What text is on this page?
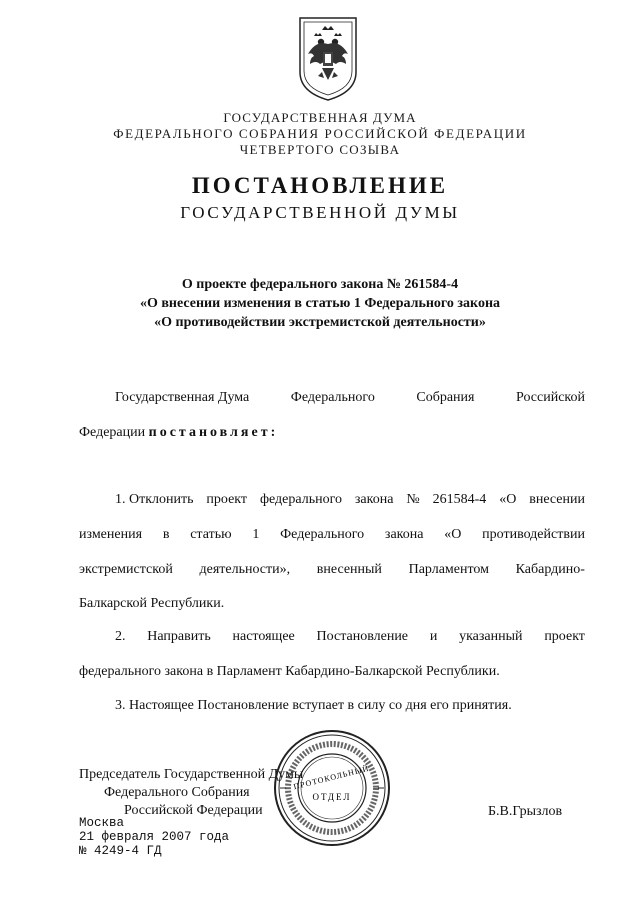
ГОСУДАРСТВЕННАЯ ДУМА
ФЕДЕРАЛЬНОГО СОБРАНИЯ РОССИЙСКОЙ ФЕДЕРАЦИИ
ЧЕТВЕРТОГО СОЗЫВА
ПОСТАНОВЛЕНИЕ
ГОСУДАРСТВЕННОЙ ДУМЫ
О проекте федерального закона № 261584-4
«О внесении изменения в статью 1 Федерального закона
«О противодействии экстремистской деятельности»
Государственная Дума	Федерального	Собрания	Российской
Федерации постановляет:
1. Отклонить проект федерального закона № 261584-4 «О внесении
изменения в статью 1 Федерального закона «О противодействии
экстремистской деятельности», внесенный Парламентом Кабардино-
Балкарской Республики.
2. Направить настоящее Постановление и указанный проект
федерального закона в Парламент Кабардино-Балкарской Республики.
3. Настоящее Постановление вступает в силу со дня его принятия.
Председатель Государственной Думы
Федерального Собрания
Российской Федерации	Б.В.Грызлов
Москва
21 февраля 2007 года
№ 4249-4 ГД
ПРОТОКОЛЬНЫЙ
ОТДЕЛ
